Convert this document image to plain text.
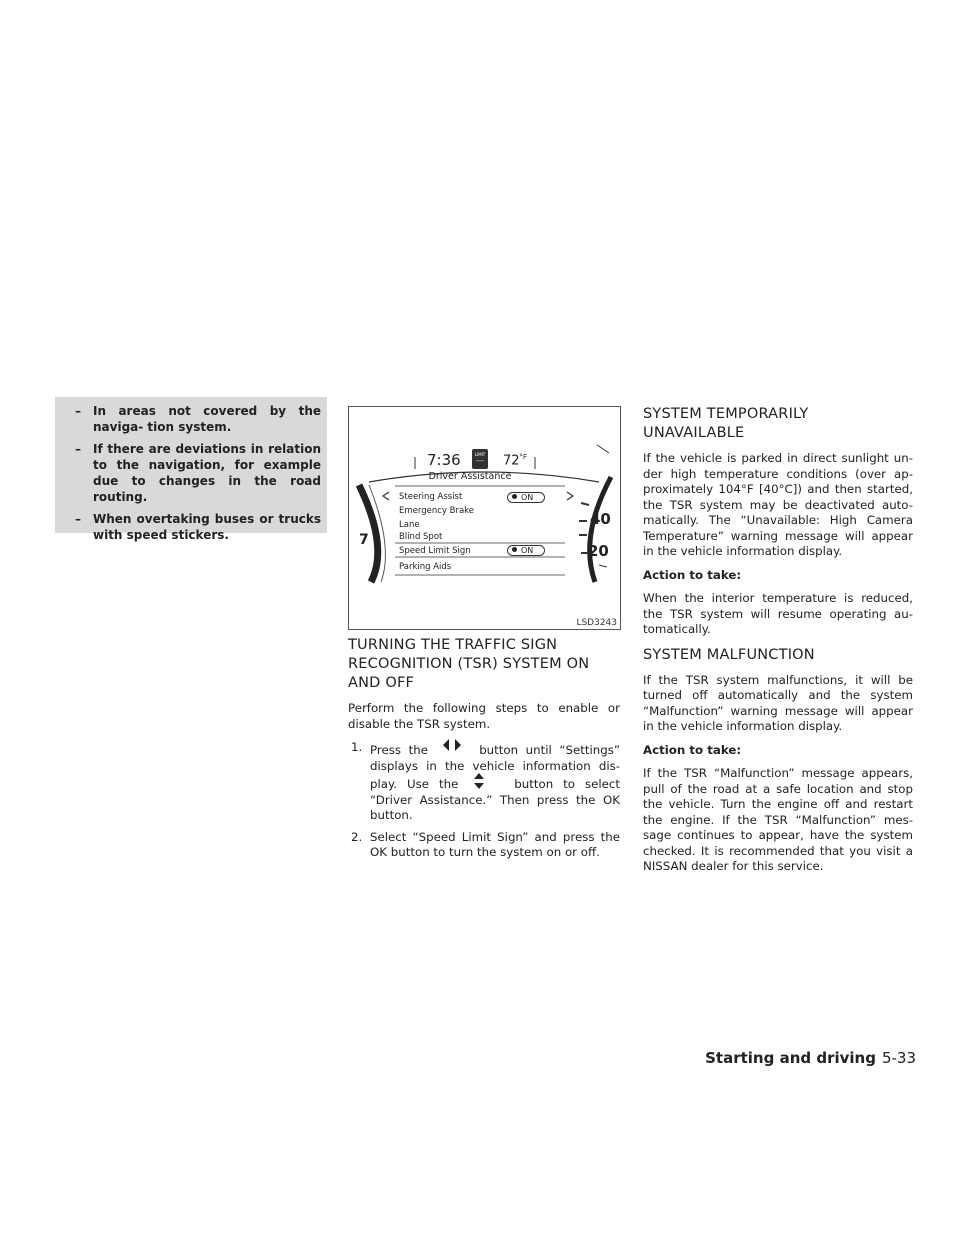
– In areas not covered by the naviga- tion system.
– If there are deviations in relation to the navigation, for example due to changes in the road routing.
– When overtaking buses or trucks with speed stickers.
7:36	LIMIT
---	$72^{^\circ F}$
Driver Assistance
Steering Assist
Emergency Brake
Lane
Blind Spot
Speed Limit Sign
Parking Aids
ON
ON
40
20
7
LSD3243
TURNING THE TRAFFIC SIGN RECOGNITION (TSR) SYSTEM ON AND OFF

Perform the following steps to enable or disable the TSR system.

1. Press the	button until “Settings” displays in the vehicle information dis- play. Use the	button to select “Driver Assistance.” Then press the OK button.
2. Select “Speed Limit Sign” and press the OK button to turn the system on or off.
SYSTEM TEMPORARILY UNAVAILABLE

If the vehicle is parked in direct sunlight un- der high temperature conditions (over ap- proximately 104°F [40°C]) and then started, the TSR system may be deactivated auto- matically. The “Unavailable: High Camera Temperature” warning message will appear in the vehicle information display.

Action to take:

When the interior temperature is reduced, the TSR system will resume operating au- tomatically.

SYSTEM MALFUNCTION

If the TSR system malfunctions, it will be turned off automatically and the system “Malfunction” warning message will appear in the vehicle information display.

Action to take:

If the TSR “Malfunction” message appears, pull of the road at a safe location and stop the vehicle. Turn the engine off and restart the engine. If the TSR “Malfunction” mes- sage continues to appear, have the system checked. It is recommended that you visit a NISSAN dealer for this service.

Starting and driving 5-33
